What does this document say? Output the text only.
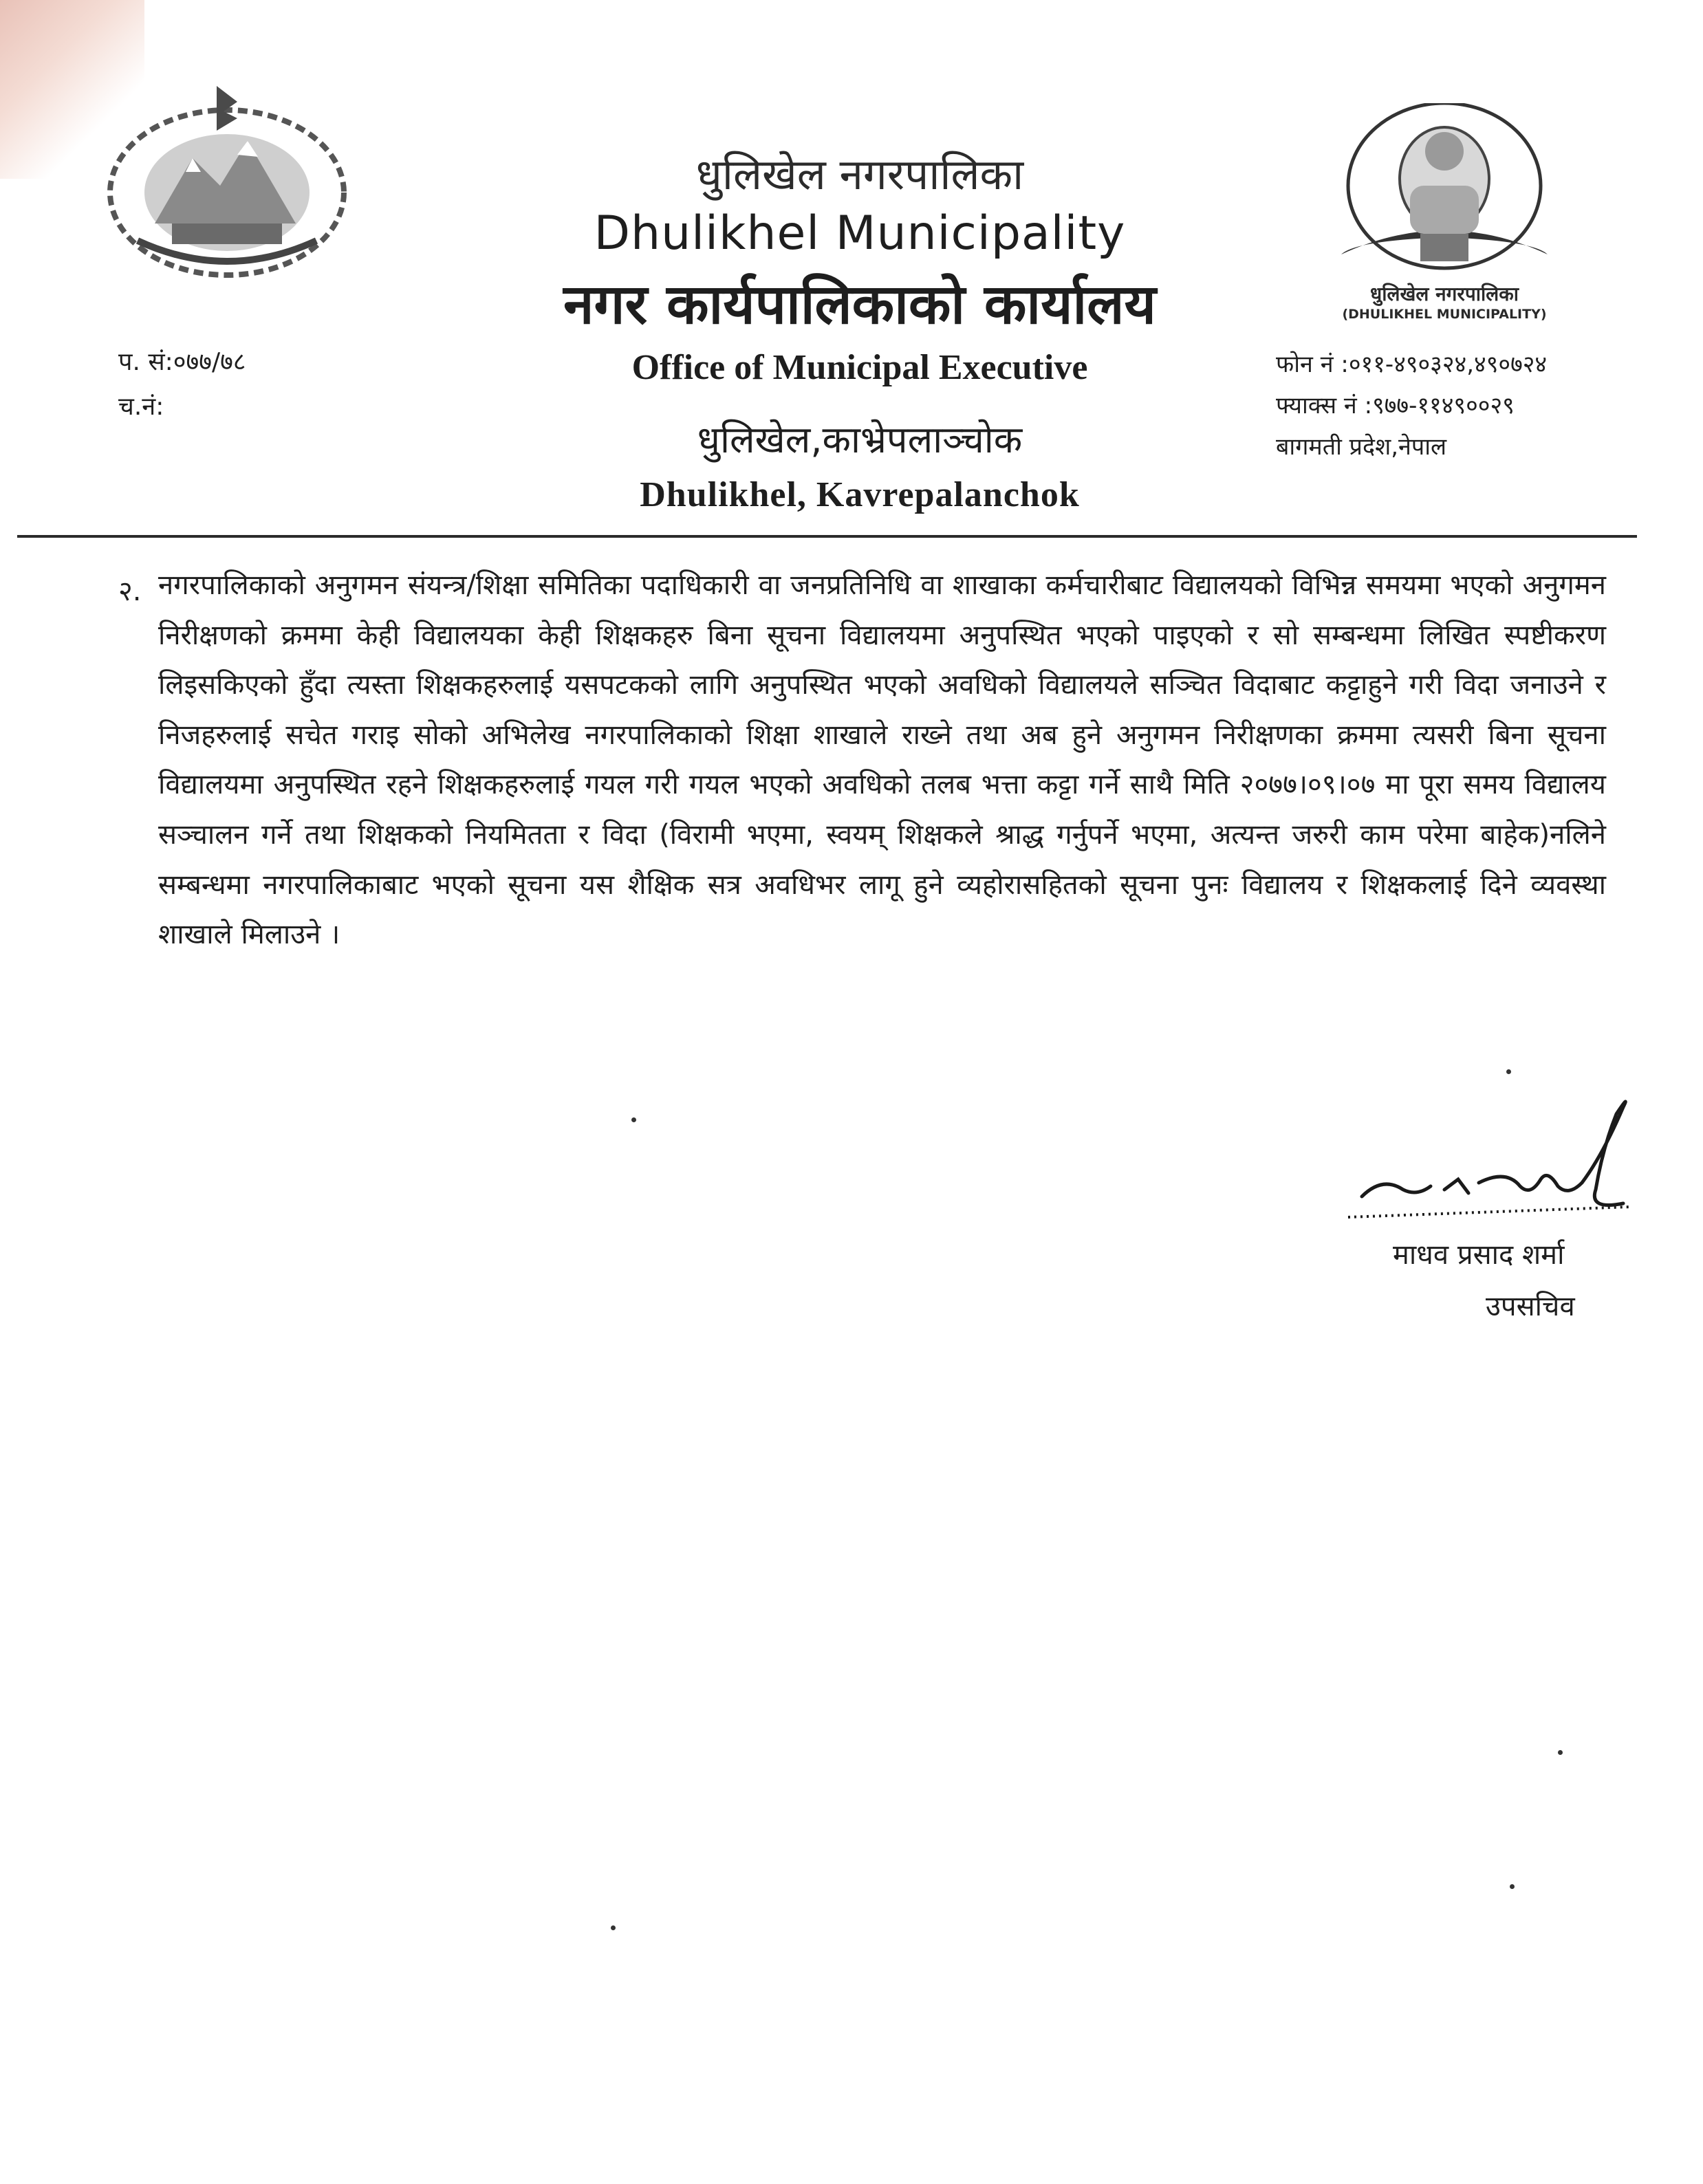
धुलिखेल नगरपालिका
Dhulikhel Municipality
नगर कार्यपालिकाको कार्यालय
Office of Municipal Executive
धुलिखेल,काभ्रेपलाञ्चोक
Dhulikhel, Kavrepalanchok
धुलिखेल नगरपालिका
(DHULIKHEL MUNICIPALITY)
प. सं:०७७/७८
च.नं:
फोन नं :०११-४९०३२४,४९०७२४
फ्याक्स नं :९७७-११४९००२९
बागमती प्रदेश,नेपाल
२. नगरपालिकाको अनुगमन संयन्त्र/शिक्षा समितिका पदाधिकारी वा जनप्रतिनिधि वा शाखाका कर्मचारीबाट विद्यालयको विभिन्न समयमा भएको अनुगमन निरीक्षणको क्रममा केही विद्यालयका केही शिक्षकहरु बिना सूचना विद्यालयमा अनुपस्थित भएको पाइएको र सो सम्बन्धमा लिखित स्पष्टीकरण लिइसकिएको हुँदा त्यस्ता शिक्षकहरुलाई यसपटकको लागि अनुपस्थित भएको अवधिको विद्यालयले सञ्चित विदाबाट कट्टाहुने गरी विदा जनाउने र निजहरुलाई सचेत गराइ सोको अभिलेख नगरपालिकाको शिक्षा शाखाले राख्ने तथा अब हुने अनुगमन निरीक्षणका क्रममा त्यसरी बिना सूचना विद्यालयमा अनुपस्थित रहने शिक्षकहरुलाई गयल गरी गयल भएको अवधिको तलब भत्ता कट्टा गर्ने साथै मिति २०७७।०९।०७ मा पूरा समय विद्यालय सञ्चालन गर्ने तथा शिक्षकको नियमितता र विदा (विरामी भएमा, स्वयम् शिक्षकले श्राद्ध गर्नुपर्ने भएमा, अत्यन्त जरुरी काम परेमा बाहेक)नलिने सम्बन्धमा नगरपालिकाबाट भएको सूचना यस शैक्षिक सत्र अवधिभर लागू हुने व्यहोरासहितको सूचना पुनः विद्यालय र शिक्षकलाई दिने व्यवस्था शाखाले मिलाउने ।
माधव प्रसाद शर्मा
उपसचिव
